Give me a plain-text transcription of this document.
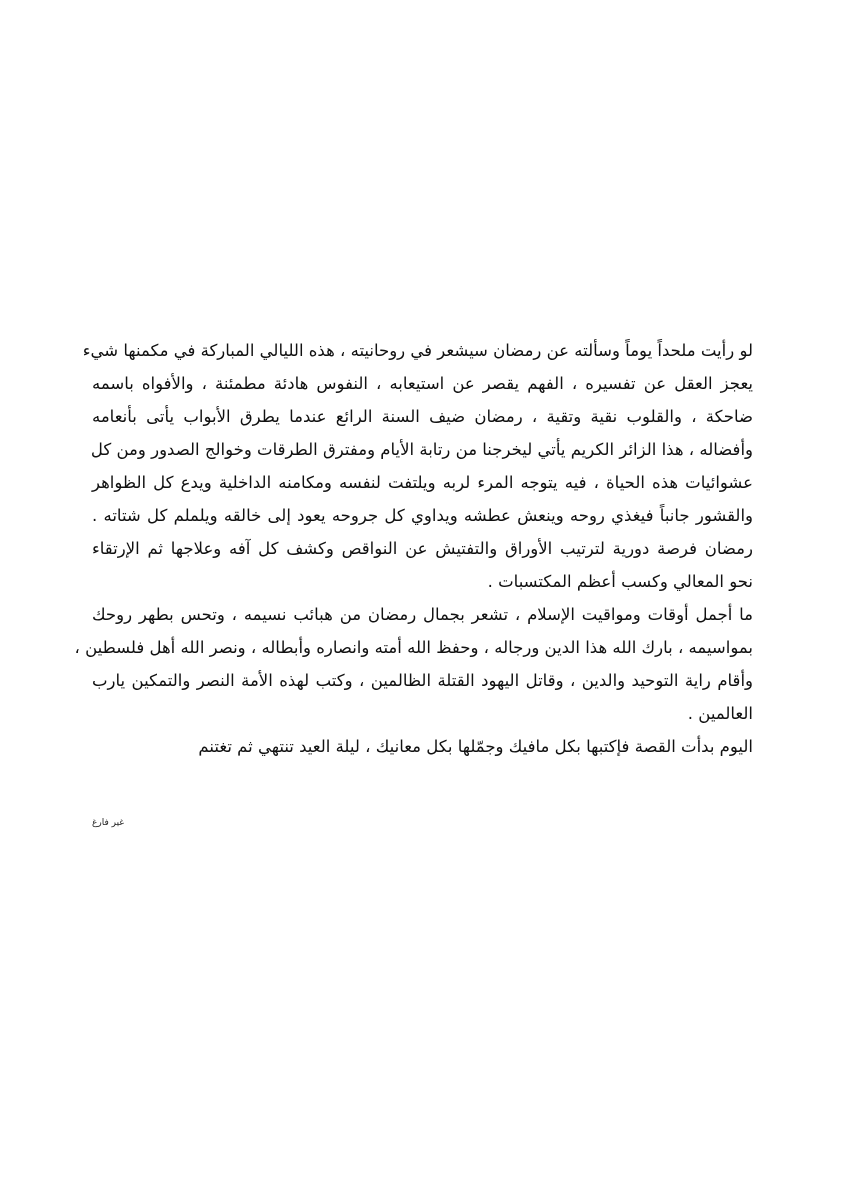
لو رأيت ملحداً يوماً وسألته عن رمضان سيشعر في روحانيته ، هذه الليالي المباركة في مكمنها شيء
يعجز العقل عن تفسيره ، الفهم يقصر عن استيعابه ، النفوس هادئة مطمئنة ، والأفواه باسمه
ضاحكة ، والقلوب نقية وتقية ، رمضان ضيف السنة الرائع عندما يطرق الأبواب يأتى بأنعامه
وأفضاله ، هذا الزائر الكريم يأتي ليخرجنا من رتابة الأيام ومفترق الطرقات وخوالج الصدور ومن كل
عشوائيات هذه الحياة ، فيه يتوجه المرء لربه ويلتفت لنفسه ومكامنه الداخلية ويدع كل الظواهر
والقشور جانباً فيغذي روحه وينعش عطشه ويداوي كل جروحه يعود إلى خالقه ويلملم كل شتاته .
رمضان فرصة دورية لترتيب الأوراق والتفتيش عن النواقص وكشف كل آفه وعلاجها ثم الإرتقاء
نحو المعالي وكسب أعظم المكتسبات .
ما أجمل أوقات ومواقيت الإسلام ، تشعر بجمال رمضان من هبائب نسيمه ، وتحس بطهر روحك
بمواسيمه ، بارك الله هذا الدين ورجاله ، وحفظ الله أمته وانصاره وأبطاله ، ونصر الله أهل فلسطين ،
وأقام راية التوحيد والدين ، وقاتل اليهود القتلة الظالمين ، وكتب لهذه الأمة النصر والتمكين يارب
العالمين .
اليوم بدأت القصة فإكتبها بكل مافيك وجمّلها بكل معانيك ، ليلة العيد تنتهي ثم تغتنم
غير فارغ
